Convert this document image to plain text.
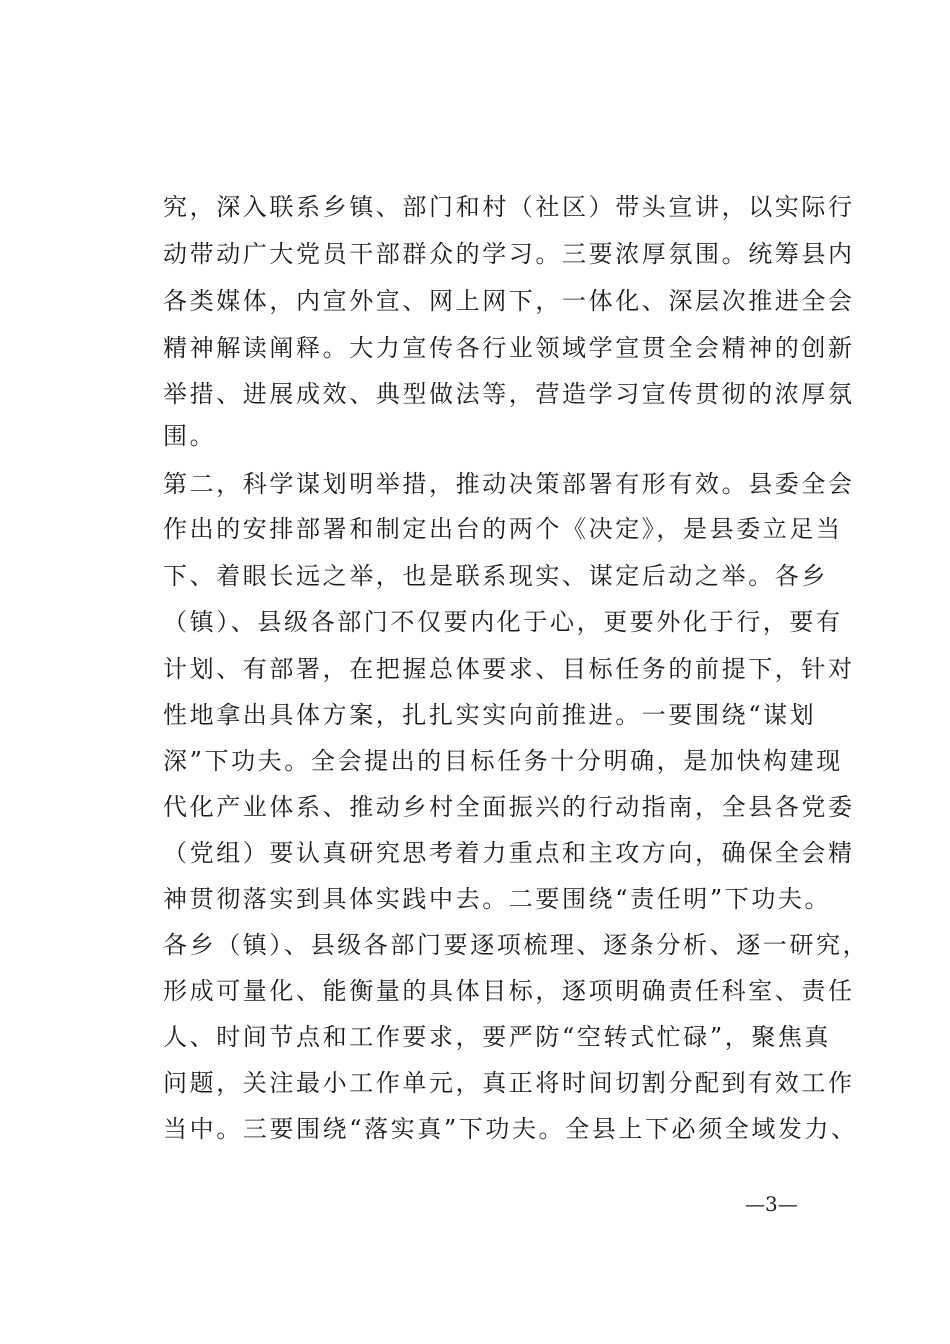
究，深入联系乡镇、部门和村（社区）带头宣讲，以实际行
动带动广大党员干部群众的学习。三要浓厚氛围。统筹县内
各类媒体，内宣外宣、网上网下，一体化、深层次推进全会
精神解读阐释。大力宣传各行业领域学宣贯全会精神的创新
举措、进展成效、典型做法等，营造学习宣传贯彻的浓厚氛
围。
第二，科学谋划明举措，推动决策部署有形有效。县委全会
作出的安排部署和制定出台的两个《决定》，是县委立足当
下、着眼长远之举，也是联系现实、谋定后动之举。各乡
（镇）、县级各部门不仅要内化于心，更要外化于行，要有
计划、有部署，在把握总体要求、目标任务的前提下，针对
性地拿出具体方案，扎扎实实向前推进。一要围绕“谋划
深”下功夫。全会提出的目标任务十分明确，是加快构建现
代化产业体系、推动乡村全面振兴的行动指南，全县各党委
（党组）要认真研究思考着力重点和主攻方向，确保全会精
神贯彻落实到具体实践中去。二要围绕“责任明”下功夫。
各乡（镇）、县级各部门要逐项梳理、逐条分析、逐一研究，
形成可量化、能衡量的具体目标，逐项明确责任科室、责任
人、时间节点和工作要求，要严防“空转式忙碌”，聚焦真
问题，关注最小工作单元，真正将时间切割分配到有效工作
当中。三要围绕“落实真”下功夫。全县上下必须全域发力、
—3—
